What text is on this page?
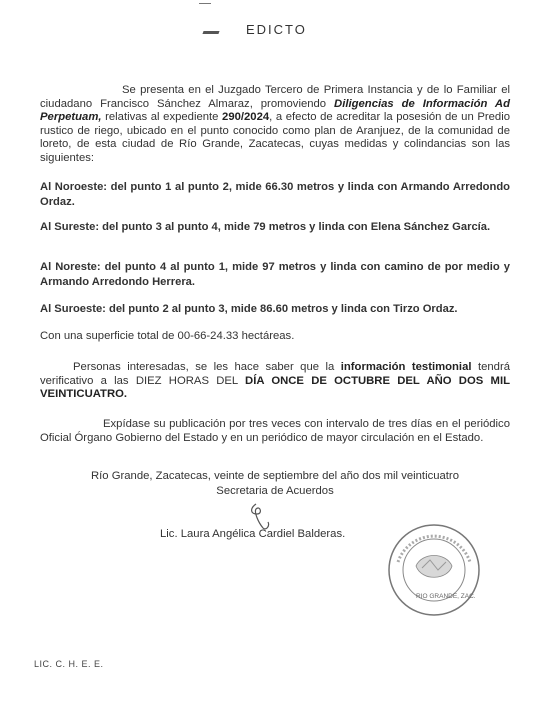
EDICTO
Se presenta en el Juzgado Tercero de Primera Instancia y de lo Familiar el ciudadano Francisco Sánchez Almaraz, promoviendo Diligencias de Información Ad Perpetuam, relativas al expediente 290/2024, a efecto de acreditar la posesión de un Predio rustico de riego, ubicado en el punto conocido como plan de Aranjuez, de la comunidad de loreto, de esta ciudad de Río Grande, Zacatecas, cuyas medidas y colindancias son las siguientes:
Al Noroeste: del punto 1 al punto 2, mide 66.30 metros y linda con Armando Arredondo Ordaz.
Al Sureste: del punto 3 al punto 4, mide 79 metros y linda con Elena Sánchez García.
Al Noreste: del punto 4 al punto 1, mide 97 metros y linda con camino de por medio y Armando Arredondo Herrera.
Al Suroeste: del punto 2 al punto 3, mide 86.60 metros y linda con Tirzo Ordaz.
Con una superficie total de 00-66-24.33 hectáreas.
Personas interesadas, se les hace saber que la información testimonial tendrá verificativo a las DIEZ HORAS DEL DÍA ONCE DE OCTUBRE DEL AÑO DOS MIL VEINTICUATRO.
Expídase su publicación por tres veces con intervalo de tres días en el periódico Oficial Órgano Gobierno del Estado y en un periódico de mayor circulación en el Estado.
Río Grande, Zacatecas, veinte de septiembre del año dos mil veinticuatro
Secretaria de Acuerdos
Lic. Laura Angélica Cardiel Balderas.
RIO GRANDE, ZAC.
LIC. C. H. E. E.
